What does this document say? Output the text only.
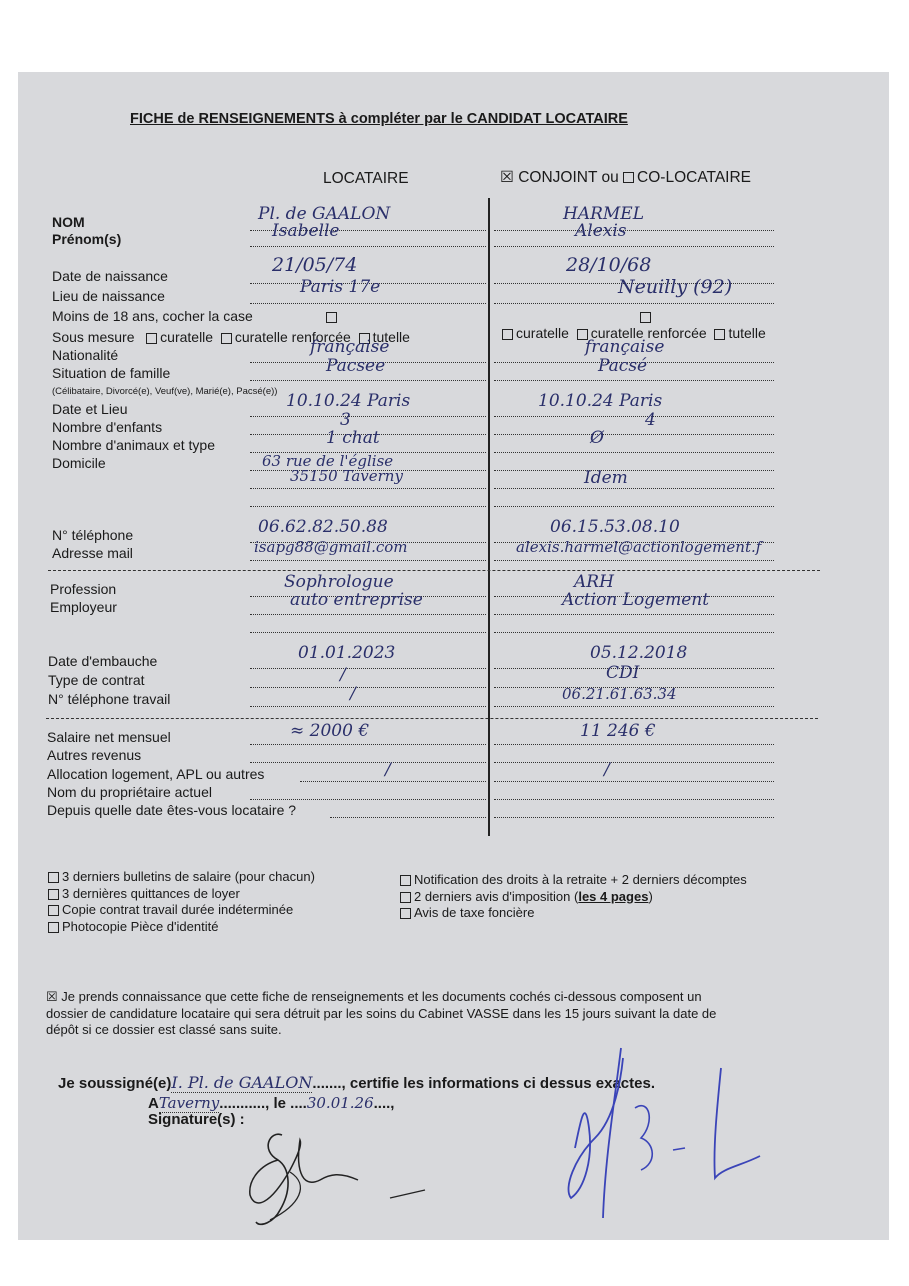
FICHE de RENSEIGNEMENTS à compléter par le CANDIDAT LOCATAIRE
LOCATAIRE	☒ CONJOINT ou CO-LOCATAIRE
NOM
Prénom(s)
Date de naissance
Lieu de naissance
Moins de 18 ans, cocher la case
Sous mesure curatelle curatelle renforcée tutelle	curatelle curatelle renforcée tutelle
Nationalité
Situation de famille
(Célibataire, Divorcé(e), Veuf(ve), Marié(e), Pacsé(e))
Date et Lieu
Nombre d'enfants
Nombre d'animaux et type
Domicile
N° téléphone
Adresse mail
Profession
Employeur
Date d'embauche
Type de contrat
N° téléphone travail
Salaire net mensuel
Autres revenus
Allocation logement, APL ou autres
Nom du propriétaire actuel
Depuis quelle date êtes-vous locataire ?
Pl. de GAALON
Isabelle
21/05/74
Paris 17e
française
Pacsee
10.10.24 Paris
3
1 chat
63 rue de l'église
35150 Taverny
06.62.82.50.88
isapg88@gmail.com
Sophrologue
auto entreprise
01.01.2023
/
/
≈ 2000 €
/
HARMEL
Alexis
28/10/68
Neuilly (92)
française
Pacsé
10.10.24 Paris
4
Ø
Idem
06.15.53.08.10
alexis.harmel@actionlogement.f
ARH
Action Logement
05.12.2018
CDI
06.21.61.63.34
11 246 €
/
3 derniers bulletins de salaire (pour chacun)
3 dernières quittances de loyer
Copie contrat travail durée indéterminée
Photocopie Pièce d'identité
Notification des droits à la retraite + 2 derniers décomptes
2 derniers avis d'imposition (les 4 pages)
Avis de taxe foncière
☒ Je prends connaissance que cette fiche de renseignements et les documents cochés ci-dessous composent un
dossier de candidature locataire qui sera détruit par les soins du Cabinet VASSE dans les 15 jours suivant la date de
dépôt si ce dossier est classé sans suite.
Je soussigné(e)I. Pl. de GAALON......., certifie les informations ci dessus exactes.
ATaverny..........., le ....30.01.26....,
Signature(s) :
